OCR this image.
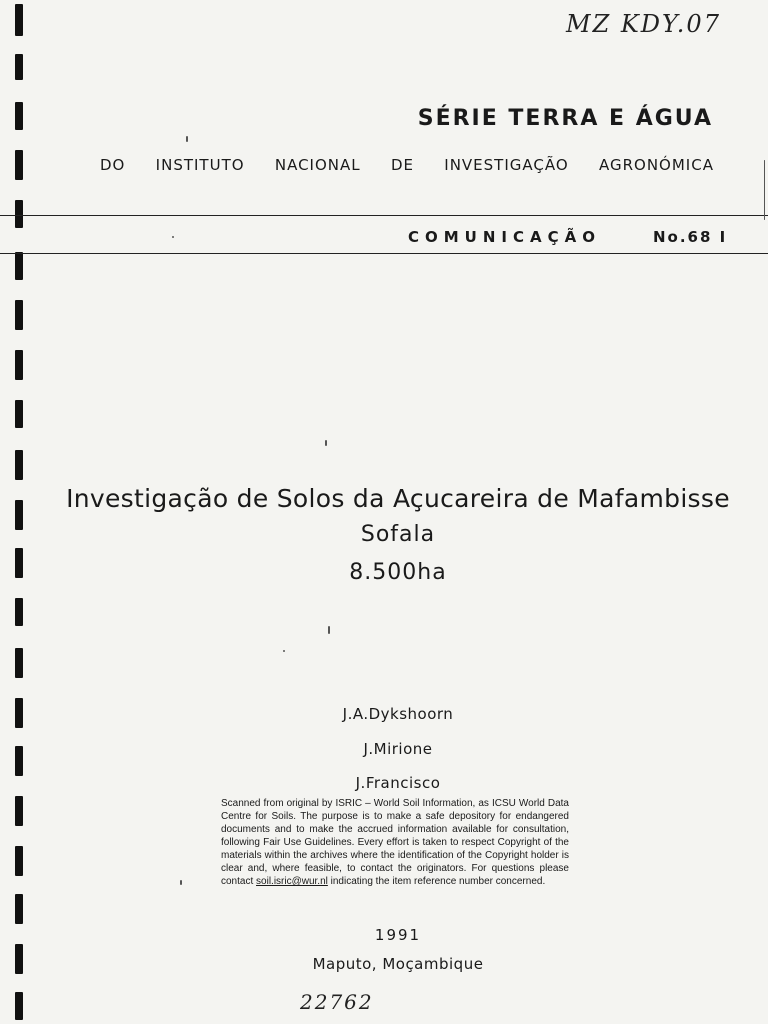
MZ KDY.07
SÉRIE TERRA E ÁGUA
DO INSTITUTO NACIONAL DE INVESTIGAÇÃO AGRONÓMICA
COMUNICAÇÃO	No.68 I
Investigação de Solos da Açucareira de Mafambisse
Sofala
8.500ha
J.A.Dykshoorn
J.Mirione
J.Francisco
Scanned from original by ISRIC – World Soil Information, as ICSU World Data Centre for Soils. The purpose is to make a safe depository for endangered documents and to make the accrued information available for consultation, following Fair Use Guidelines. Every effort is taken to respect Copyright of the materials within the archives where the identification of the Copyright holder is clear and, where feasible, to contact the originators. For questions please contact soil.isric@wur.nl indicating the item reference number concerned.
1991
Maputo, Moçambique
22762
